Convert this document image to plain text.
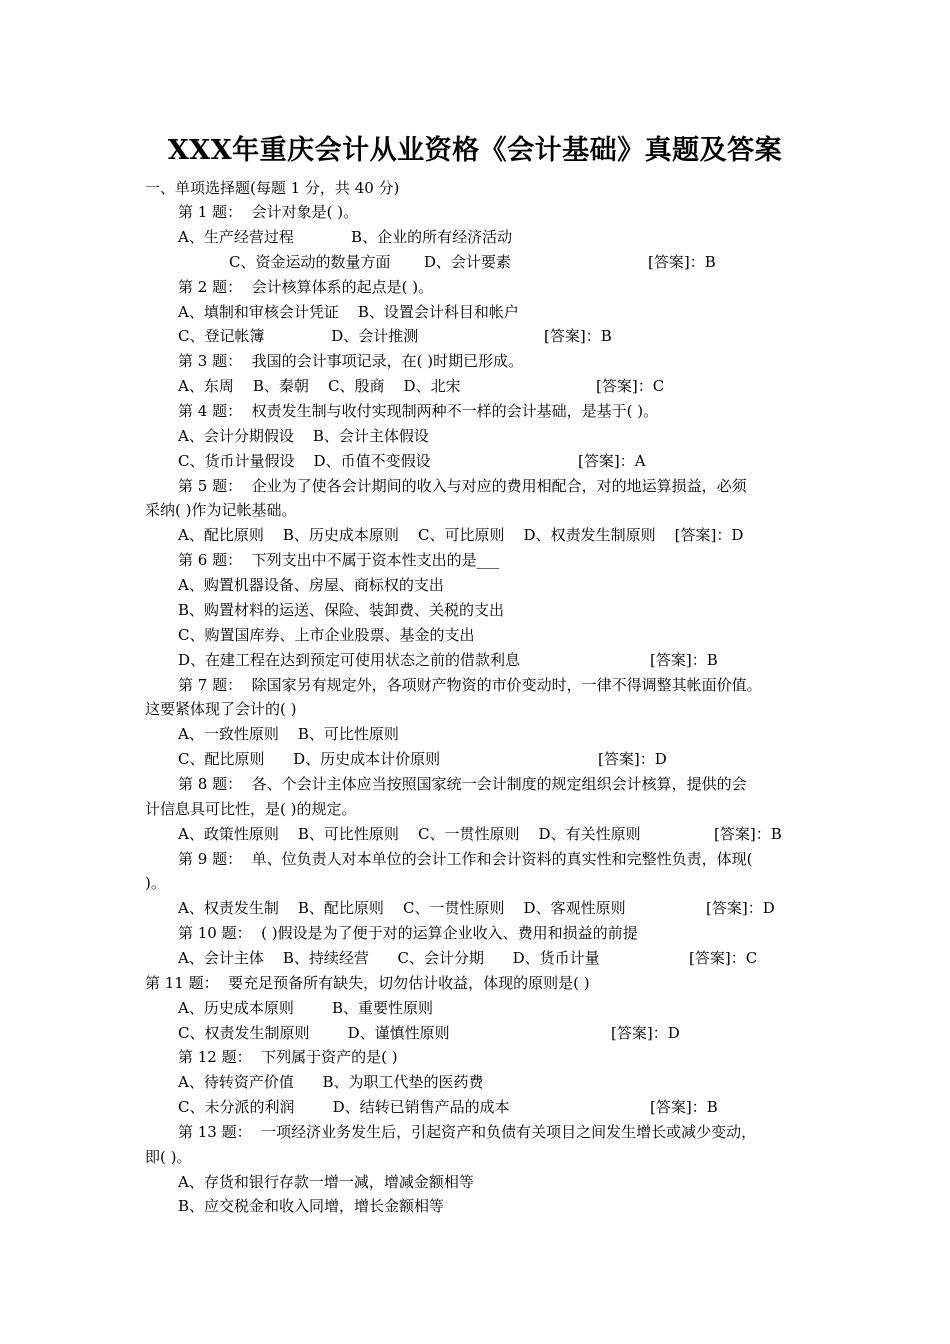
XXX年重庆会计从业资格《会计基础》真题及答案
一、单项选择题(每题 1 分，共 40 分)
第 1 题：  会计对象是( )。
A、生产经营过程            B、企业的所有经济活动
C、资金运动的数量方面       D、会计要素	[答案]：B
第 2 题：  会计核算体系的起点是( )。
A、填制和审核会计凭证    B、设置会计科目和帐户
C、登记帐簿              D、会计推测	[答案]：B
第 3 题：  我国的会计事项记录，在( )时期已形成。
A、东周    B、秦朝    C、殷商    D、北宋	[答案]：C
第 4 题：  权责发生制与收付实现制两种不一样的会计基础，是基于( )。
A、会计分期假设    B、会计主体假设
C、货币计量假设    D、币值不变假设	[答案]：A
第 5 题：  企业为了使各会计期间的收入与对应的费用相配合，对的地运算损益，必须
采纳( )作为记帐基础。
A、配比原则    B、历史成本原则    C、可比原则    D、权责发生制原则    [答案]：D
第 6 题：  下列支出中不属于资本性支出的是___
A、购置机器设备、房屋、商标权的支出
B、购置材料的运送、保险、装卸费、关税的支出
C、购置国库券、上市企业股票、基金的支出
D、在建工程在达到预定可使用状态之前的借款利息	[答案]：B
第 7 题：  除国家另有规定外，各项财产物资的市价变动时，一律不得调整其帐面价值。
这要紧体现了会计的( )
A、一致性原则    B、可比性原则
C、配比原则      D、历史成本计价原则	[答案]：D
第 8 题：  各、个会计主体应当按照国家统一会计制度的规定组织会计核算，提供的会
计信息具可比性，是( )的规定。
A、政策性原则    B、可比性原则    C、一贯性原则    D、有关性原则	[答案]：B
第 9 题：  单、位负责人对本单位的会计工作和会计资料的真实性和完整性负责，体现(
)。
A、权责发生制    B、配比原则    C、一贯性原则    D、客观性原则	[答案]：D
第 10 题：  ( )假设是为了便于对的运算企业收入、费用和损益的前提
A、会计主体    B、持续经营      C、会计分期      D、货币计量	[答案]：C
第 11 题：  要充足预备所有缺失，切勿估计收益，体现的原则是( )
A、历史成本原则        B、重要性原则
C、权责发生制原则        D、谨慎性原则	[答案]：D
第 12 题：  下列属于资产的是( )
A、待转资产价值      B、为职工代垫的医药费
C、未分派的利润        D、结转已销售产品的成本	[答案]：B
第 13 题：  一项经济业务发生后，引起资产和负债有关项目之间发生增长或减少变动，
即( )。
A、存货和银行存款一增一减，增减金额相等
B、应交税金和收入同增，增长金额相等
